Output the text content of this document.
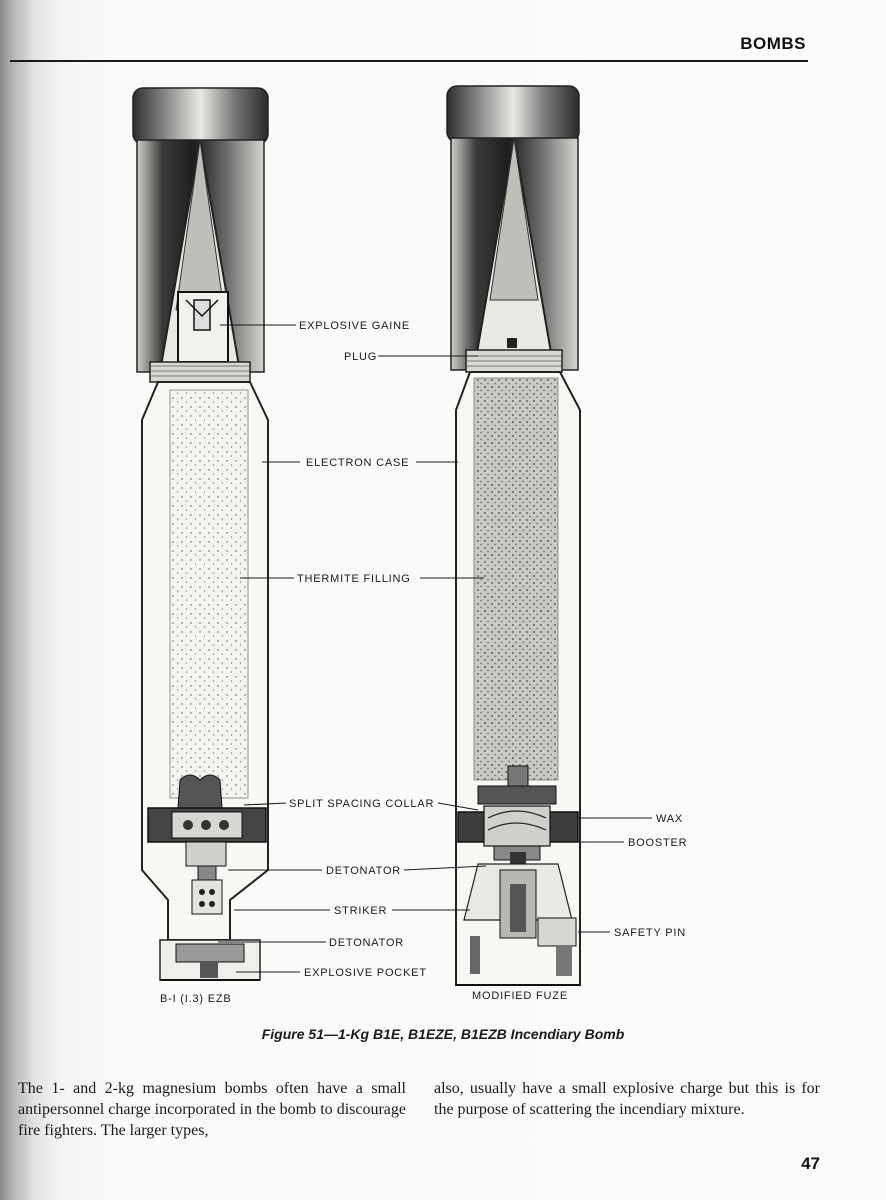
BOMBS
EXPLOSIVE GAINE
PLUG
ELECTRON CASE
THERMITE FILLING
SPLIT SPACING COLLAR
WAX
BOOSTER
DETONATOR
STRIKER
SAFETY PIN
DETONATOR
EXPLOSIVE POCKET
B-I (I.3) EZB	MODIFIED FUZE
Figure 51—1-Kg B1E, B1EZE, B1EZB Incendiary Bomb
The 1- and 2-kg magnesium bombs often have a small antipersonnel charge incorporated in the bomb to discourage fire fighters. The larger types,
also, usually have a small explosive charge but this is for the purpose of scattering the incendiary mixture.
47
